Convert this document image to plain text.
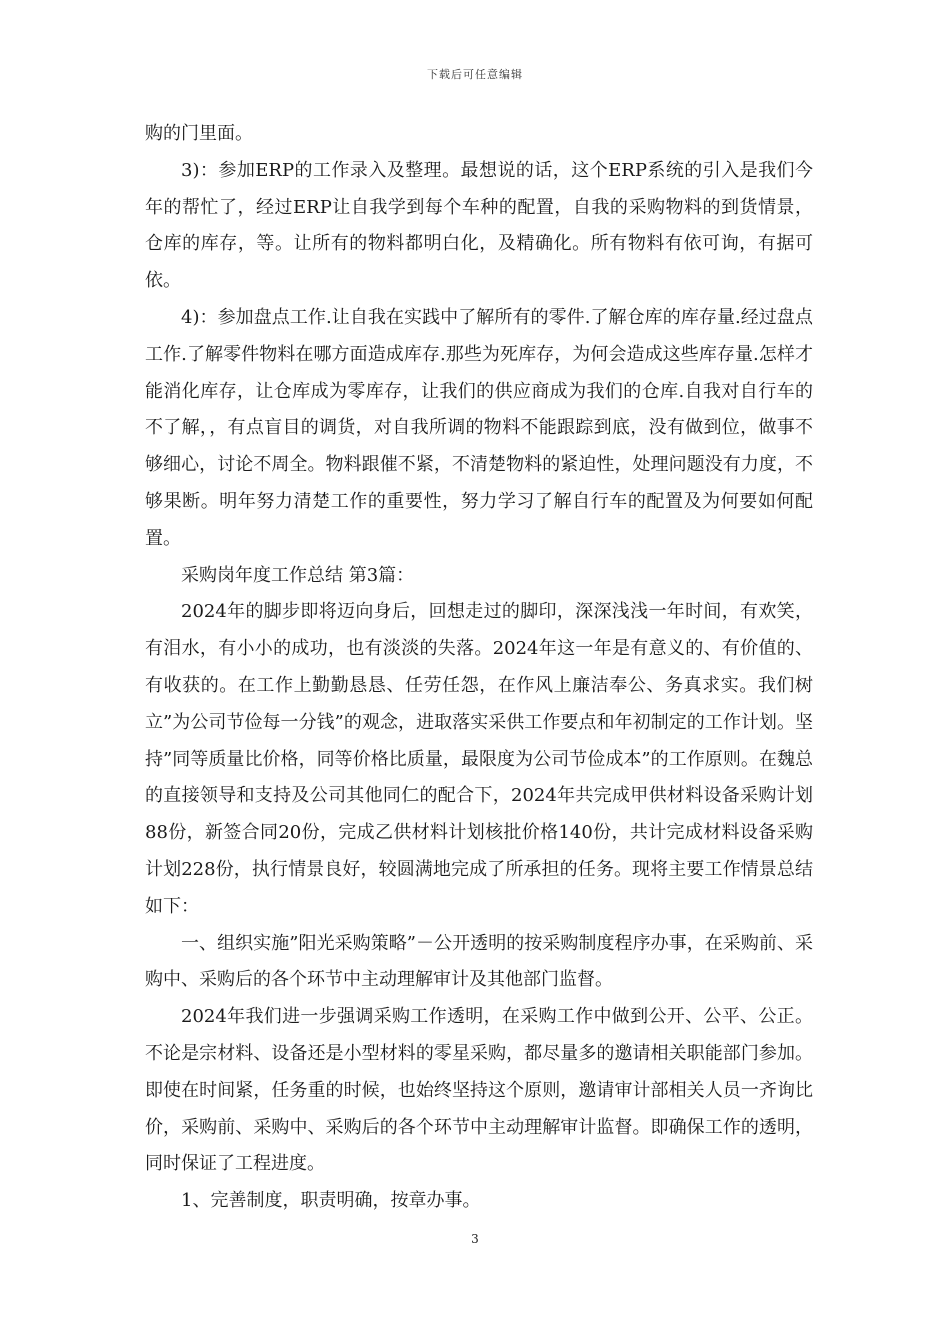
下载后可任意编辑

购的门里面。

3)：参加ERP的工作录入及整理。最想说的话，这个ERP系统的引入是我们今年的帮忙了，经过ERP让自我学到每个车种的配置，自我的采购物料的到货情景，仓库的库存，等。让所有的物料都明白化，及精确化。所有物料有依可询，有据可依。

4)：参加盘点工作.让自我在实践中了解所有的零件.了解仓库的库存量.经过盘点工作.了解零件物料在哪方面造成库存.那些为死库存，为何会造成这些库存量.怎样才能消化库存，让仓库成为零库存，让我们的供应商成为我们的仓库.自我对自行车的不了解，，有点盲目的调货，对自我所调的物料不能跟踪到底，没有做到位，做事不够细心，讨论不周全。物料跟催不紧，不清楚物料的紧迫性，处理问题没有力度，不够果断。明年努力清楚工作的重要性，努力学习了解自行车的配置及为何要如何配置。

采购岗年度工作总结 第3篇：

2024年的脚步即将迈向身后，回想走过的脚印，深深浅浅一年时间，有欢笑，有泪水，有小小的成功，也有淡淡的失落。2024年这一年是有意义的、有价值的、有收获的。在工作上勤勤恳恳、任劳任怨，在作风上廉洁奉公、务真求实。我们树立”为公司节俭每一分钱”的观念，进取落实采供工作要点和年初制定的工作计划。坚持”同等质量比价格，同等价格比质量，最限度为公司节俭成本”的工作原则。在魏总的直接领导和支持及公司其他同仁的配合下，2024年共完成甲供材料设备采购计划88份，新签合同20份，完成乙供材料计划核批价格140份，共计完成材料设备采购计划228份，执行情景良好，较圆满地完成了所承担的任务。现将主要工作情景总结如下：

一、组织实施”阳光采购策略”－公开透明的按采购制度程序办事，在采购前、采购中、采购后的各个环节中主动理解审计及其他部门监督。

2024年我们进一步强调采购工作透明，在采购工作中做到公开、公平、公正。不论是宗材料、设备还是小型材料的零星采购，都尽量多的邀请相关职能部门参加。即使在时间紧，任务重的时候，也始终坚持这个原则，邀请审计部相关人员一齐询比价，采购前、采购中、采购后的各个环节中主动理解审计监督。即确保工作的透明，同时保证了工程进度。

1、完善制度，职责明确，按章办事。

3
